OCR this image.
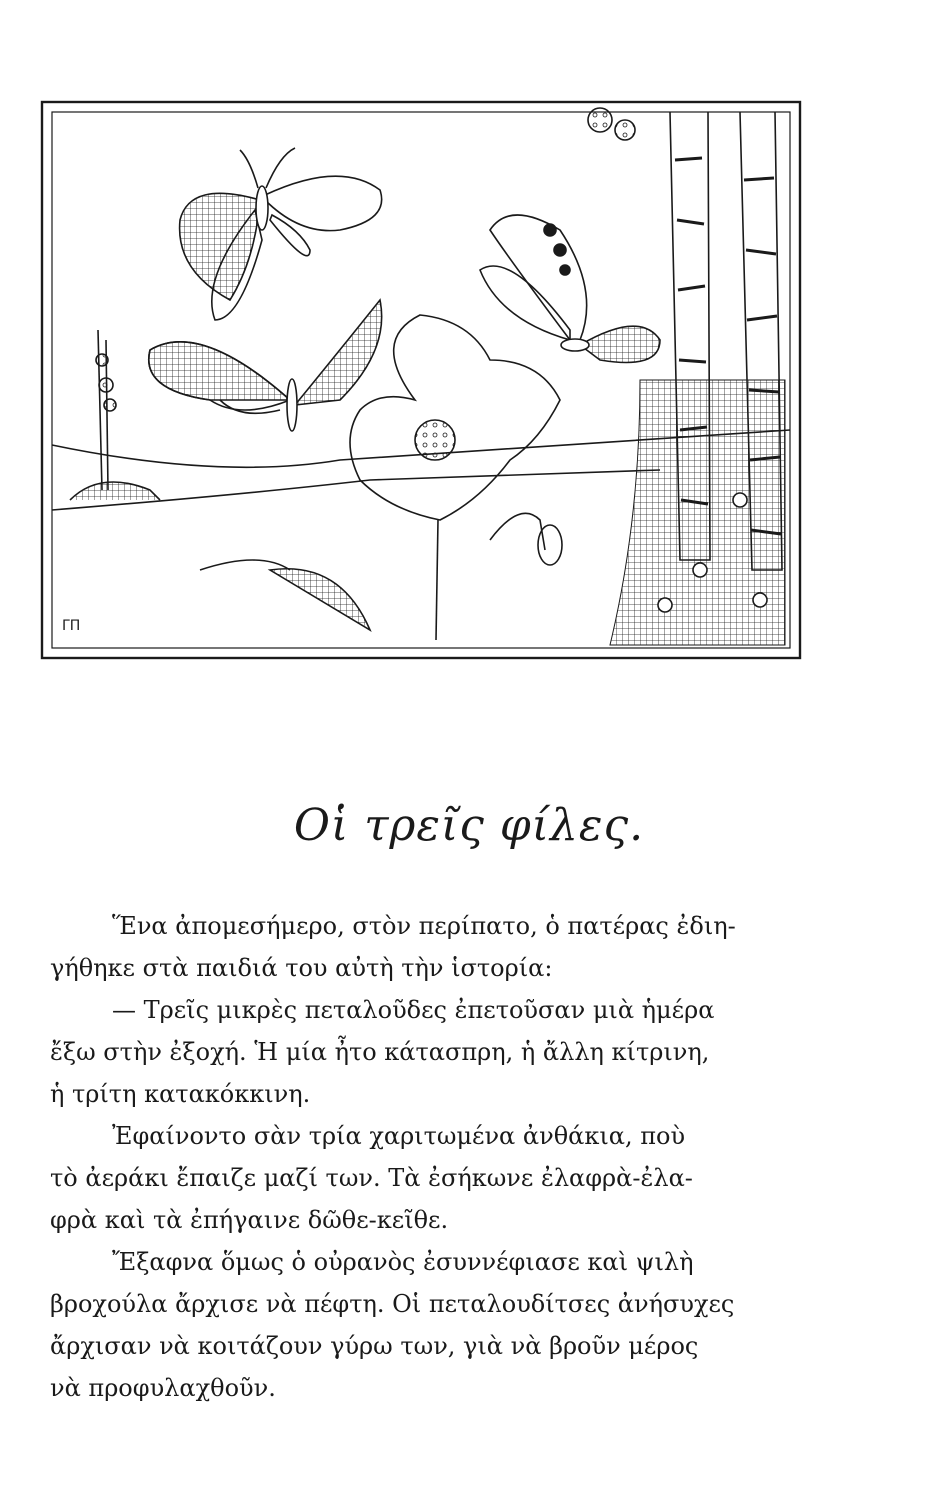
ΓΠ
Οἱ τρεῖς φίλες.

Ἕνα ἀπομεσήμερο, στὸν περίπατο, ὁ πατέρας ἐδιη-
γήθηκε στὰ παιδιά του αὐτὴ τὴν ἱστορία:

— Τρεῖς μικρὲς πεταλοῦδες ἐπετοῦσαν μιὰ ἡμέρα
ἔξω στὴν ἐξοχή. Ἡ μία ἦτο κάτασπρη, ἡ ἄλλη κίτρινη,
ἡ τρίτη κατακόκκινη.

Ἐφαίνοντο σὰν τρία χαριτωμένα ἀνθάκια, ποὺ
τὸ ἀεράκι ἔπαιζε μαζί των. Τὰ ἐσήκωνε ἐλαφρὰ-ἐλα-
φρὰ καὶ τὰ ἐπήγαινε δῶθε-κεῖθε.

Ἔξαφνα ὅμως ὁ οὐρανὸς ἐσυννέφιασε καὶ ψιλὴ
βροχούλα ἄρχισε νὰ πέφτη. Οἱ πεταλουδίτσες ἀνήσυχες
ἄρχισαν νὰ κοιτάζουν γύρω των, γιὰ νὰ βροῦν μέρος
νὰ προφυλαχθοῦν.
